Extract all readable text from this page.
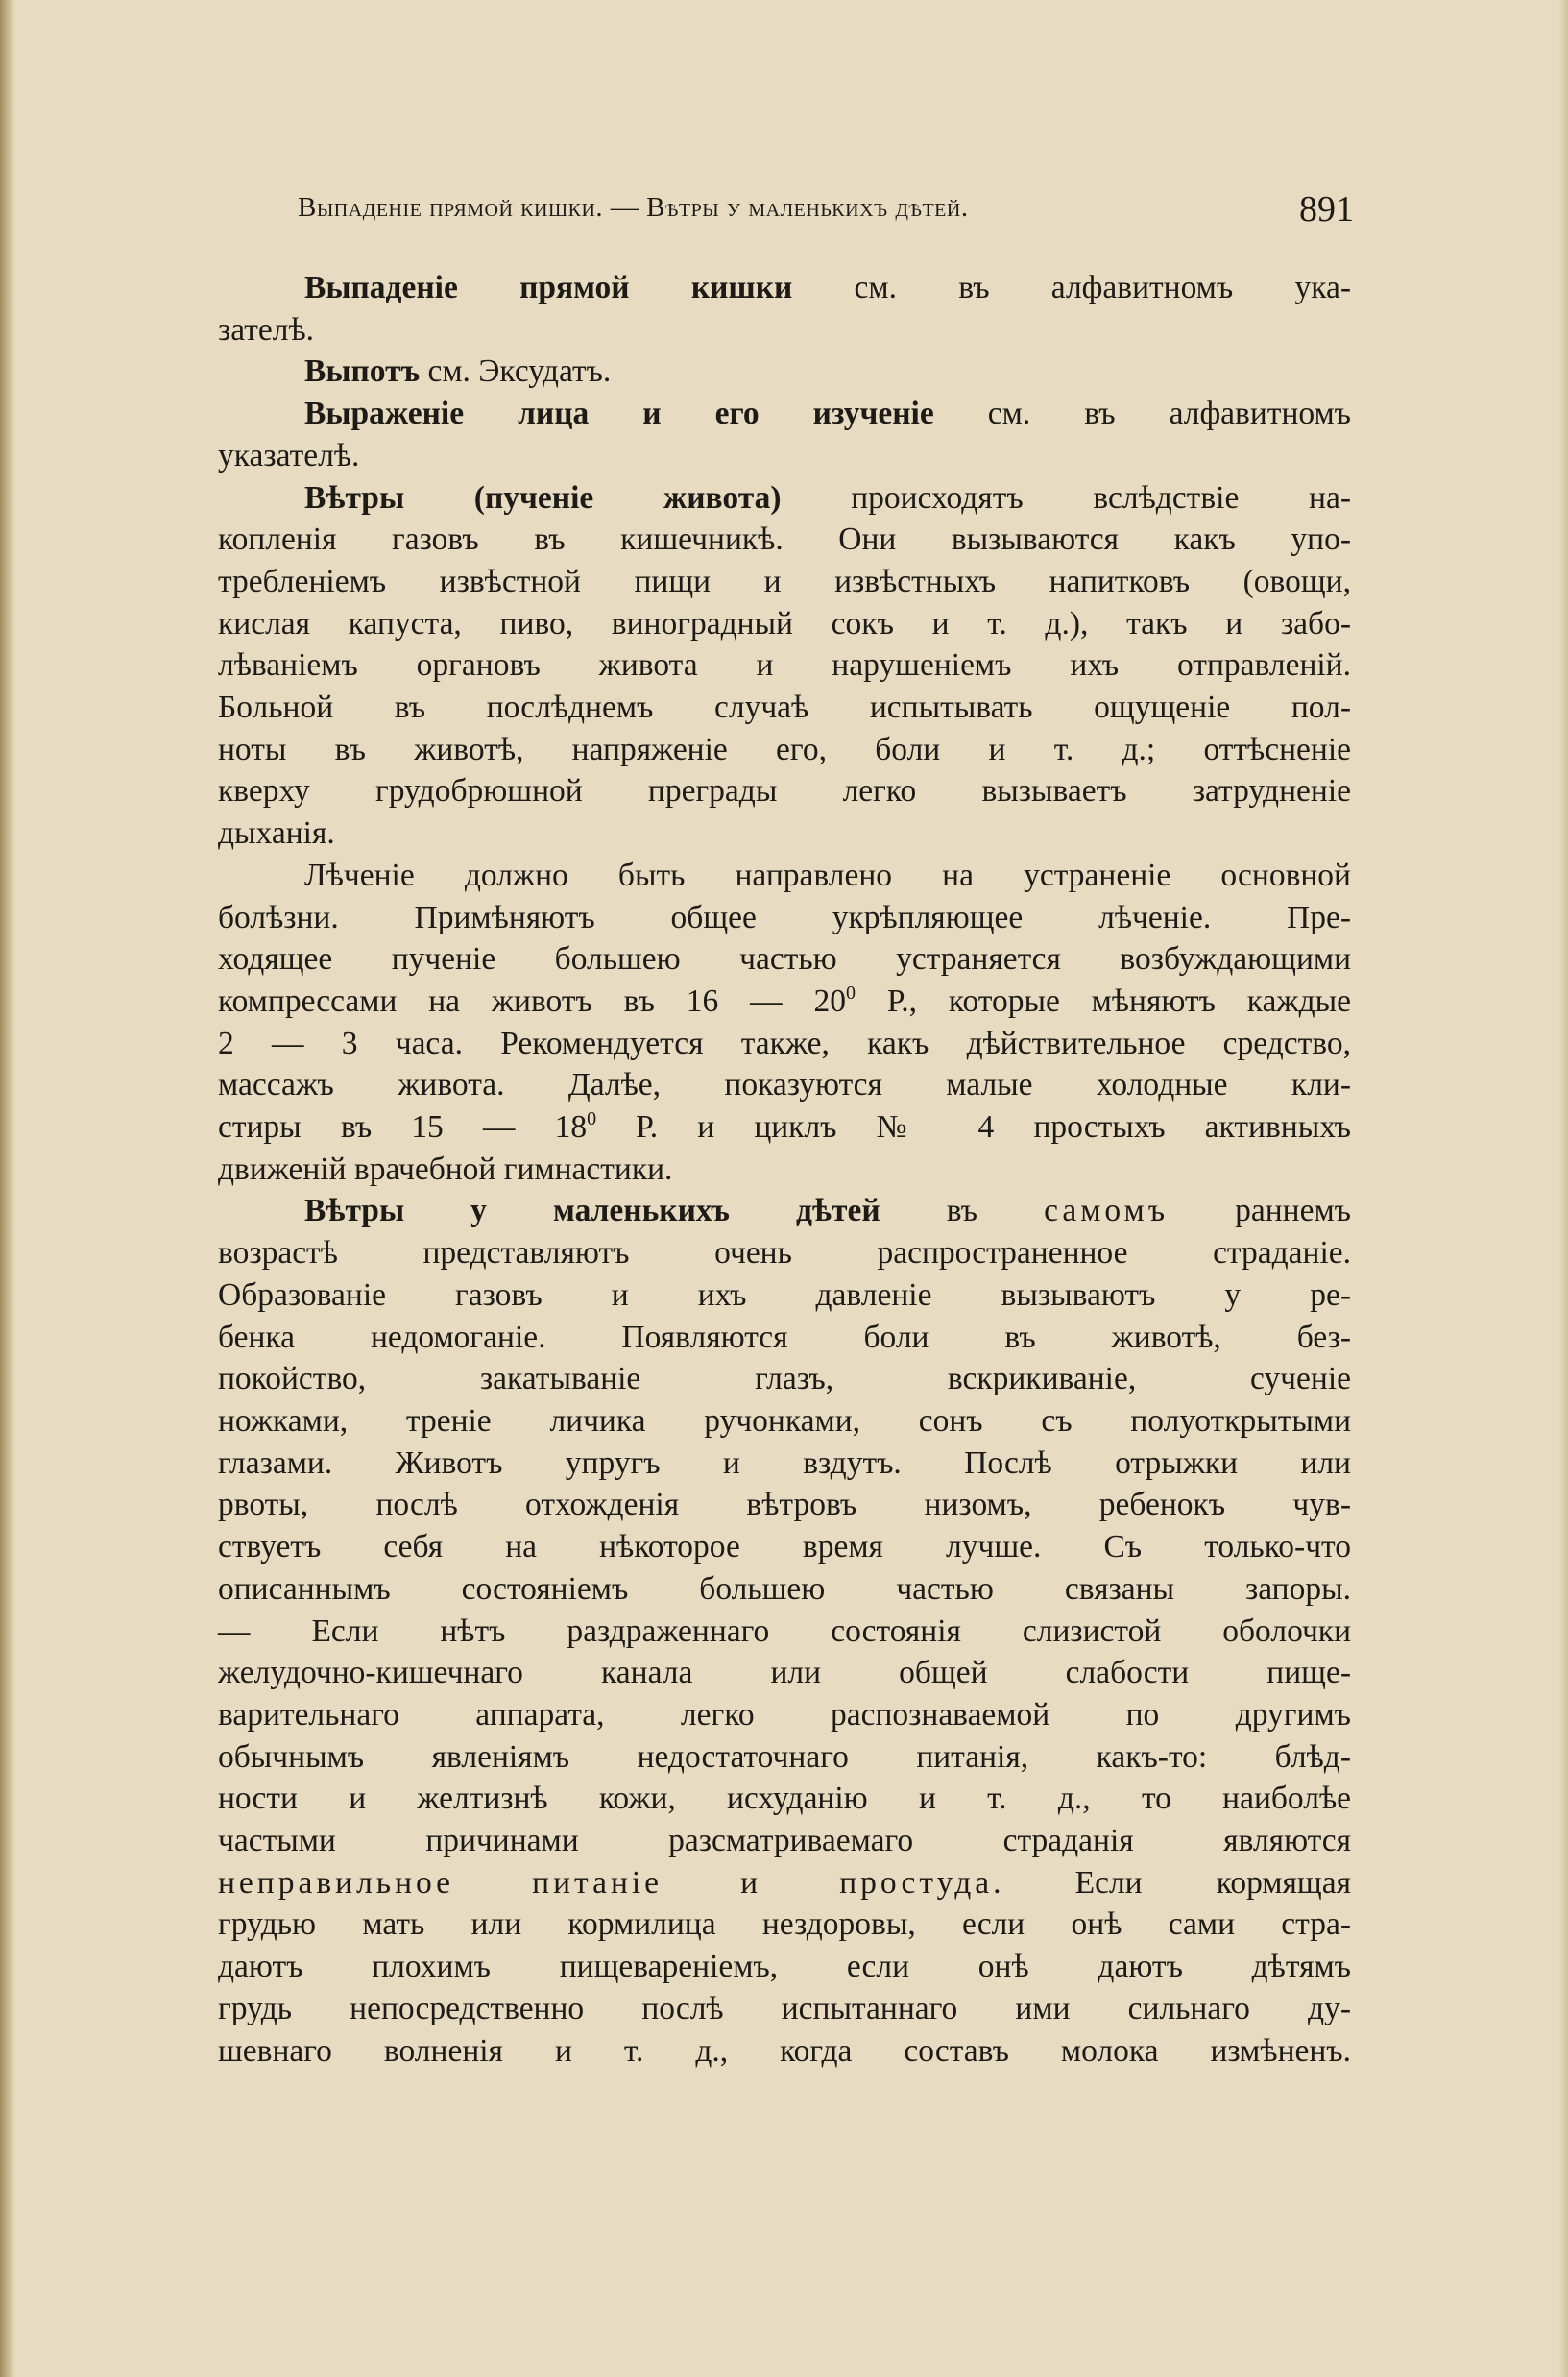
Выпаденіе прямой кишки. — Вѣтры у маленькихъ дѣтей.	891

Выпаденіе прямой кишки см. въ алфавитномъ ука-
зателѣ.

Выпотъ см. Эксудатъ.

Выраженіе лица и его изученіе см. въ алфавитномъ
указателѣ.

Вѣтры (пученіе живота) происходятъ вслѣдствіе на-
копленія газовъ въ кишечникѣ. Они вызываются какъ упо-
требленіемъ извѣстной пищи и извѣстныхъ напитковъ (овощи,
кислая капуста, пиво, виноградный сокъ и т. д.), такъ и забо-
лѣваніемъ органовъ живота и нарушеніемъ ихъ отправленій.
Больной въ послѣднемъ случаѣ испытывать ощущеніе пол-
ноты въ животѣ, напряженіе его, боли и т. д.; оттѣсненіе
кверху грудобрюшной преграды легко вызываетъ затрудненіе
дыханія.

Лѣченіе должно быть направлено на устраненіе основной
болѣзни. Примѣняютъ общее укрѣпляющее лѣченіе. Пре-
ходящее пученіе большею частью устраняется возбуждающими
компрессами на животъ въ 16 — $20^0$ Р., которые мѣняютъ каждые
2 — 3 часа. Рекомендуется также, какъ дѣйствительное средство,
массажъ живота. Далѣе, показуются малые холодные кли-
стиры въ 15 — $18^0$ Р. и циклъ № 4 простыхъ активныхъ
движеній врачебной гимнастики.

Вѣтры у маленькихъ дѣтей въ самомъ раннемъ
возрастѣ представляютъ очень распространенное страданіе.
Образованіе газовъ и ихъ давленіе вызываютъ у ре-
бенка недомоганіе. Появляются боли въ животѣ, без-
покойство, закатываніе глазъ, вскрикиваніе, сученіе
ножками, треніе личика ручонками, сонъ съ полуоткрытыми
глазами. Животъ упругъ и вздутъ. Послѣ отрыжки или
рвоты, послѣ отхожденія вѣтровъ низомъ, ребенокъ чув-
ствуетъ себя на нѣкоторое время лучше. Съ только-что
описаннымъ состояніемъ большею частью связаны запоры.
— Если нѣтъ раздраженнаго состоянія слизистой оболочки
желудочно-кишечнаго канала или общей слабости пище-
варительнаго аппарата, легко распознаваемой по другимъ
обычнымъ явленіямъ недостаточнаго питанія, какъ-то: блѣд-
ности и желтизнѣ кожи, исхуданію и т. д., то наиболѣе
частыми причинами разсматриваемаго страданія являются
неправильное питаніе и простуда. Если кормящая
грудью мать или кормилица нездоровы, если онѣ сами стра-
даютъ плохимъ пищевареніемъ, если онѣ даютъ дѣтямъ
грудь непосредственно послѣ испытаннаго ими сильнаго ду-
шевнаго волненія и т. д., когда составъ молока измѣненъ.
